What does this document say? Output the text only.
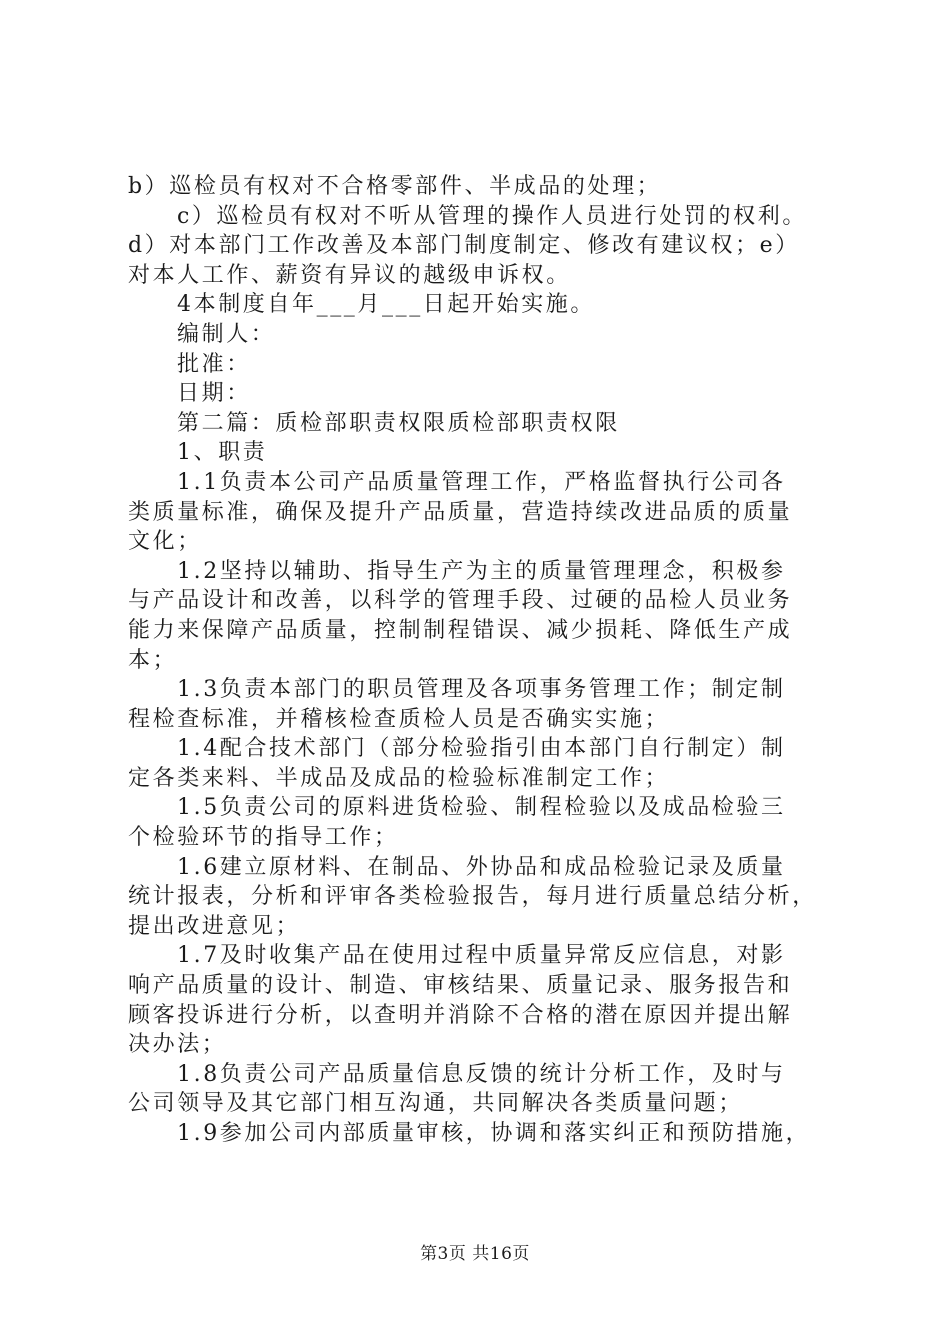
b）巡检员有权对不合格零部件、半成品的处理；
c）巡检员有权对不听从管理的操作人员进行处罚的权利。
d）对本部门工作改善及本部门制度制定、修改有建议权；e）
对本人工作、薪资有异议的越级申诉权。
4本制度自年___月___日起开始实施。
编制人：
批准：
日期：
第二篇：质检部职责权限质检部职责权限
1、职责
1.1负责本公司产品质量管理工作，严格监督执行公司各
类质量标准，确保及提升产品质量，营造持续改进品质的质量
文化；
1.2坚持以辅助、指导生产为主的质量管理理念，积极参
与产品设计和改善，以科学的管理手段、过硬的品检人员业务
能力来保障产品质量，控制制程错误、减少损耗、降低生产成
本；
1.3负责本部门的职员管理及各项事务管理工作；制定制
程检查标准，并稽核检查质检人员是否确实实施；
1.4配合技术部门（部分检验指引由本部门自行制定）制
定各类来料、半成品及成品的检验标准制定工作；
1.5负责公司的原料进货检验、制程检验以及成品检验三
个检验环节的指导工作；
1.6建立原材料、在制品、外协品和成品检验记录及质量
统计报表，分析和评审各类检验报告，每月进行质量总结分析，
提出改进意见；
1.7及时收集产品在使用过程中质量异常反应信息，对影
响产品质量的设计、制造、审核结果、质量记录、服务报告和
顾客投诉进行分析，以查明并消除不合格的潜在原因并提出解
决办法；
1.8负责公司产品质量信息反馈的统计分析工作，及时与
公司领导及其它部门相互沟通，共同解决各类质量问题；
1.9参加公司内部质量审核，协调和落实纠正和预防措施，
第3页 共16页
